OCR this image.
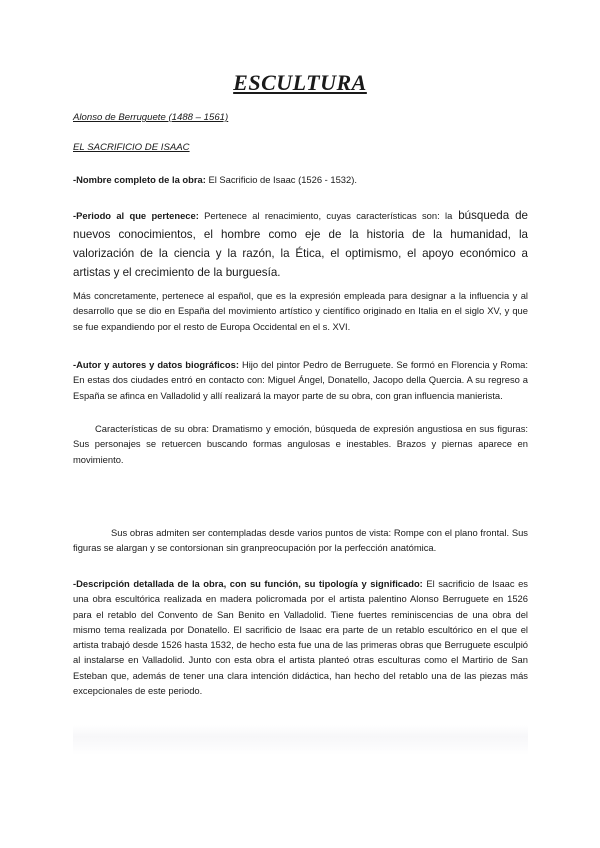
ESCULTURA
Alonso de Berruguete (1488 – 1561)
EL SACRIFICIO DE ISAAC
-Nombre completo de la obra: El Sacrificio de Isaac (1526 - 1532).
-Periodo al que pertenece: Pertenece al renacimiento, cuyas características son: la búsqueda de nuevos conocimientos, el hombre como eje de la historia de la humanidad, la valorización de la ciencia y la razón, la Ética, el optimismo, el apoyo económico a artistas y el crecimiento de la burguesía.
Más concretamente, pertenece al español, que es la expresión empleada para designar a la influencia y al desarrollo que se dio en España del movimiento artístico y científico originado en Italia en el siglo XV, y que se fue expandiendo por el resto de Europa Occidental en el s. XVI.
-Autor y autores y datos biográficos: Hijo del pintor Pedro de Berruguete. Se formó en Florencia y Roma: En estas dos ciudades entró en contacto con: Miguel Ángel, Donatello, Jacopo della Quercia. A su regreso a España se afinca en Valladolid y allí realizará la mayor parte de su obra, con gran influencia manierista.
Características de su obra: Dramatismo y emoción, búsqueda de expresión angustiosa en sus figuras: Sus personajes se retuercen buscando formas angulosas e inestables. Brazos y piernas aparece en movimiento.
Sus obras admiten ser contempladas desde varios puntos de vista: Rompe con el plano frontal. Sus figuras se alargan y se contorsionan sin granpreocupación por la perfección anatómica.
-Descripción detallada de la obra, con su función, su tipología y significado: El sacrificio de Isaac es una obra escultórica realizada en madera policromada por el artista palentino Alonso Berruguete en 1526 para el retablo del Convento de San Benito en Valladolid. Tiene fuertes reminiscencias de una obra del mismo tema realizada por Donatello. El sacrificio de Isaac era parte de un retablo escultórico en el que el artista trabajó desde 1526 hasta 1532, de hecho esta fue una de las primeras obras que Berruguete esculpió al instalarse en Valladolid. Junto con esta obra el artista planteó otras esculturas como el Martirio de San Esteban que, además de tener una clara intención didáctica, han hecho del retablo una de las piezas más excepcionales de este periodo.
